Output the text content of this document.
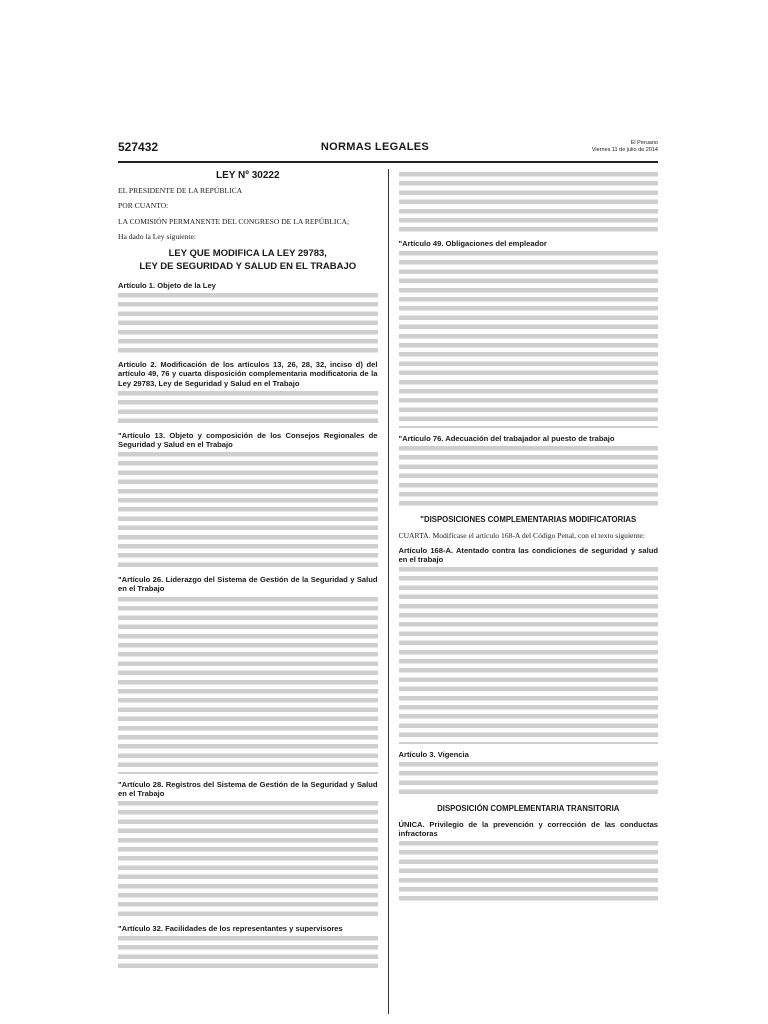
527432	NORMAS LEGALES	El Peruano
Viernes 11 de julio de 2014
LEY Nº 30222

EL PRESIDENTE DE LA REPÚBLICA

POR CUANTO:

LA COMISIÓN PERMANENTE DEL CONGRESO DE LA REPÚBLICA;

Ha dado la Ley siguiente:

LEY QUE MODIFICA LA LEY 29783,
LEY DE SEGURIDAD Y SALUD EN EL TRABAJO
Artículo 1. Objeto de la Ley
Artículo 2. Modificación de los artículos 13, 26, 28, 32, inciso d) del artículo 49, 76 y cuarta disposición complementaria modificatoria de la Ley 29783, Ley de Seguridad y Salud en el Trabajo
"Artículo 13. Objeto y composición de los Consejos Regionales de Seguridad y Salud en el Trabajo
"Artículo 26. Liderazgo del Sistema de Gestión de la Seguridad y Salud en el Trabajo
"Artículo 28. Registros del Sistema de Gestión de la Seguridad y Salud en el Trabajo
"Artículo 32. Facilidades de los representantes y supervisores
"Artículo 49. Obligaciones del empleador
"Artículo 76. Adecuación del trabajador al puesto de trabajo
"DISPOSICIONES COMPLEMENTARIAS MODIFICATORIAS

CUARTA. Modifícase el artículo 168-A del Código Penal, con el texto siguiente:

Artículo 168-A. Atentado contra las condiciones de seguridad y salud en el trabajo
Artículo 3. Vigencia
DISPOSICIÓN COMPLEMENTARIA TRANSITORIA
ÚNICA. Privilegio de la prevención y corrección de las conductas infractoras
